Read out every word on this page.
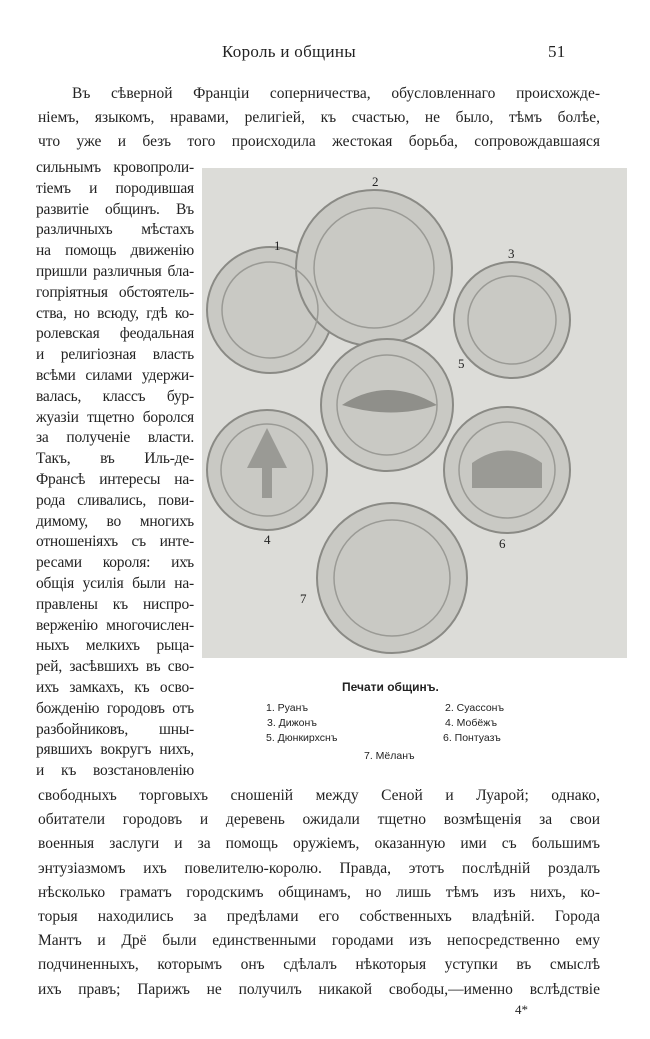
Король и общины	51
Въ сѣверной Франціи соперничества, обусловленнаго происхожде-
ніемъ, языкомъ, нравами, религіей, къ счастью, не было, тѣмъ болѣе,
что уже и безъ того происходила жестокая борьба, сопровождавшаяся
сильнымъ кровопроли-
тіемъ и породившая
развитіе общинъ. Въ
различныхъ мѣстахъ
на помощь движенію
пришли различныя бла-
гопріятныя обстоятель-
ства, но всюду, гдѣ ко-
ролевская феодальная
и религіозная власть
всѣми силами удержи-
валась, классъ бур-
жуазіи тщетно боролся
за полученіе власти.
Такъ, въ Иль-де-
Франсѣ интересы на-
рода сливались, пови-
димому, во многихъ
отношеніяхъ съ инте-
ресами короля: ихъ
общія усилія были на-
правлены къ ниспро-
верженію многочислен-
ныхъ мелкихъ рыца-
рей, засѣвшихъ въ сво-
ихъ замкахъ, къ осво-
божденію городовъ отъ
разбойниковъ, шны-
рявшихъ вокругъ нихъ,
и къ возстановленію
свободныхъ торговыхъ сношеній между Сеной и Луарой; однако,
обитатели городовъ и деревень ожидали тщетно возмѣщенія за свои
военныя заслуги и за помощь оружіемъ, оказанную ими съ большимъ
энтузіазмомъ ихъ повелителю-королю. Правда, этотъ послѣдній роздалъ
нѣсколько граматъ городскимъ общинамъ, но лишь тѣмъ изъ нихъ, ко-
торыя находились за предѣлами его собственныхъ владѣній. Города
Мантъ и Дрё были единственными городами изъ непосредственно ему
подчиненныхъ, которымъ онъ сдѣлалъ нѣкоторыя уступки въ смыслѣ
ихъ правъ; Парижъ не получилъ никакой свободы,—именно вслѣдствіе
1
2
3
4
5
6
7
Печати общинъ.
1. Руанъ	2. Суассонъ
3. Дижонъ	4. Мобёжъ
5. Дюнкирхснъ	6. Понтуазъ
7. Мёланъ
4*
